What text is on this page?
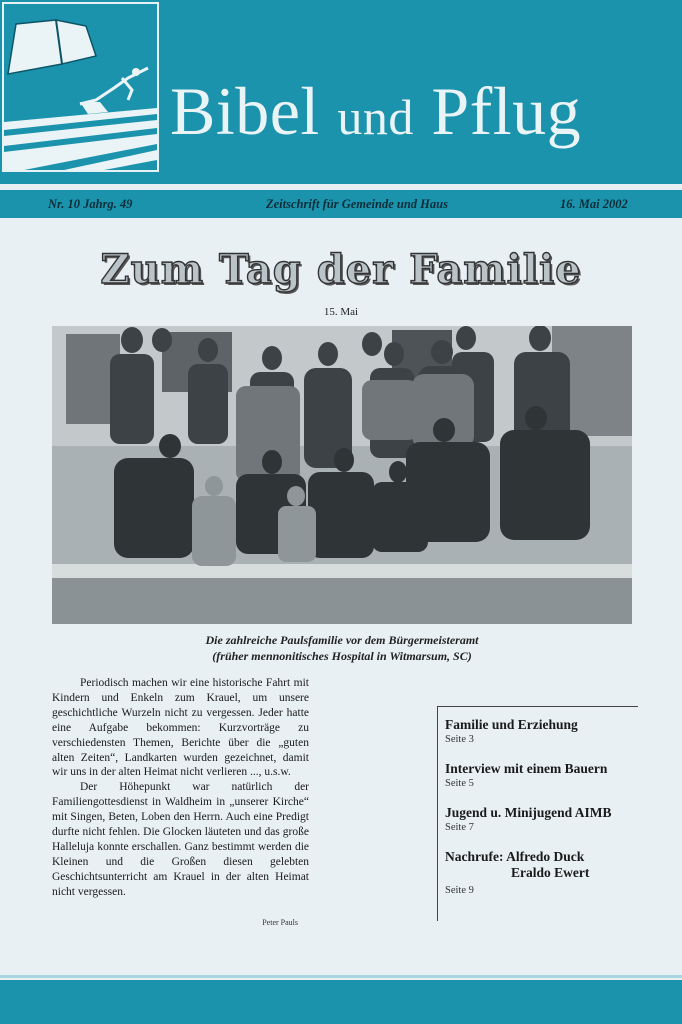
Bibel und Pflug
Nr. 10 Jahrg. 49	Zeitschrift für Gemeinde und Haus	16. Mai 2002
Zum Tag der Familie
15. Mai
Die zahlreiche Paulsfamilie vor dem Bürgermeisteramt
(früher mennonitisches Hospital in Witmarsum, SC)

Periodisch machen wir eine historische Fahrt mit Kindern und Enkeln zum Krauel, um unsere geschichtliche Wurzeln nicht zu vergessen. Jeder hatte eine Aufgabe bekommen: Kurzvorträge zu verschiedensten Themen, Berichte über die „guten alten Zeiten“, Landkarten wurden gezeichnet, damit wir uns in der alten Heimat nicht verlieren ..., u.s.w.

Der Höhepunkt war natürlich der Familiengottesdienst in Waldheim in „unserer Kirche“ mit Singen, Beten, Loben den Herrn. Auch eine Predigt durfte nicht fehlen. Die Glocken läuteten und das große Halleluja konnte erschallen. Ganz bestimmt werden die Kleinen und die Großen diesen gelebten Geschichtsunterricht am Krauel in der alten Heimat nicht vergessen.

Peter Pauls
Familie und Erziehung
Seite 3
Interview mit einem Bauern
Seite 5
Jugend u. Minijugend AIMB
Seite 7
Nachrufe: Alfredo Duck
Eraldo Ewert
Seite 9
